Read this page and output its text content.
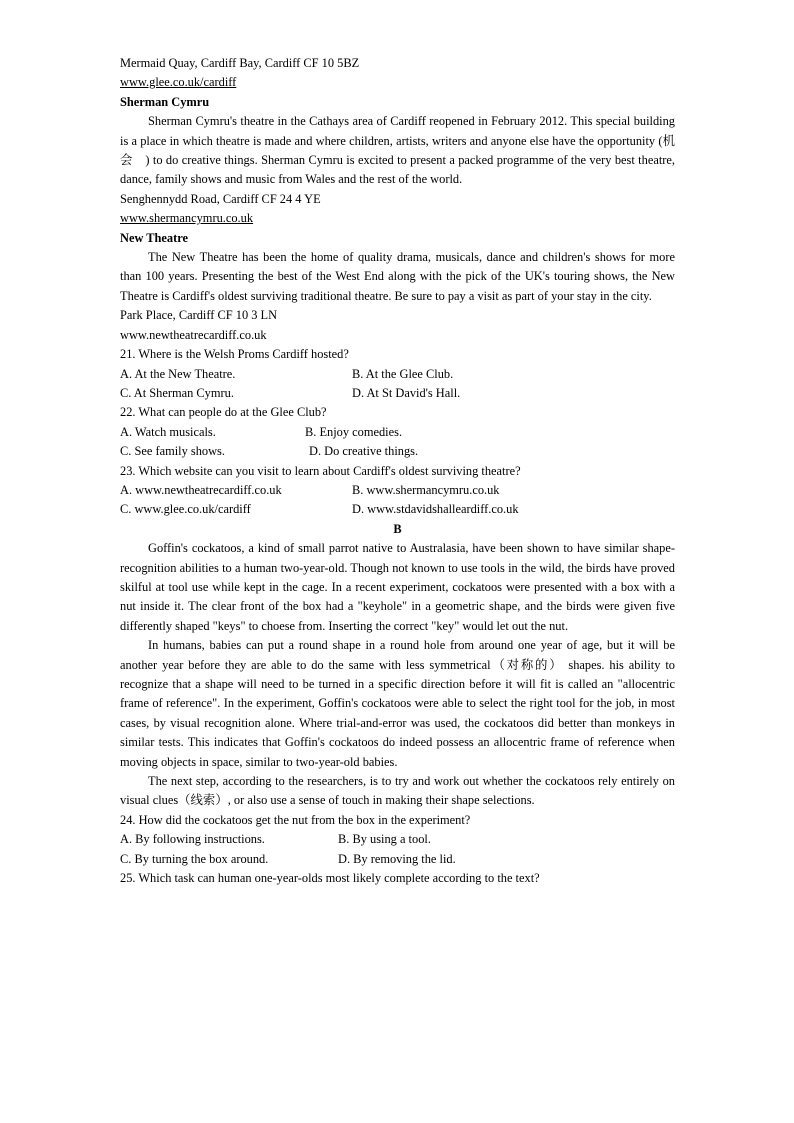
Mermaid Quay, Cardiff Bay, Cardiff CF 10 5BZ
www.glee.co.uk/cardiff
Sherman Cymru

Sherman Cymru's theatre in the Cathays area of Cardiff reopened in February 2012. This special building is a place in which theatre is made and where children, artists, writers and anyone else have the opportunity (机　会　) to do creative things. Sherman Cymru is excited to present a packed programme of the very best theatre, dance, family shows and music from Wales and the rest of the world.

Senghennydd Road, Cardiff CF 24 4 YE
www.shermancymru.co.uk
New Theatre

The New Theatre has been the home of quality drama, musicals, dance and children's shows for more than 100 years. Presenting the best of the West End along with the pick of the UK's touring shows, the New Theatre is Cardiff's oldest surviving traditional theatre. Be sure to pay a visit as part of your stay in the city.

Park Place, Cardiff CF 10 3 LN
www.newtheatrecardiff.co.uk
21. Where is the Welsh Proms Cardiff hosted?
A. At the New Theatre.	B. At the Glee Club.
C. At Sherman Cymru.	D. At St David's Hall.
22. What can people do at the Glee Club?
A. Watch musicals.	B. Enjoy comedies.
C. See family shows.	D. Do creative things.
23. Which website can you visit to learn about Cardiff's oldest surviving theatre?
A. www.newtheatrecardiff.co.uk	B. www.shermancymru.co.uk
C. www.glee.co.uk/cardiff	D. www.stdavidshalleardiff.co.uk
B

Goffin's cockatoos, a kind of small parrot native to Australasia, have been shown to have similar shape-recognition abilities to a human two-year-old. Though not known to use tools in the wild, the birds have proved skilful at tool use while kept in the cage. In a recent experiment, cockatoos were presented with a box with a nut inside it. The clear front of the box had a "keyhole" in a geometric shape, and the birds were given five differently shaped "keys" to choese from. Inserting the correct "key" would let out the nut.

In humans, babies can put a round shape in a round hole from around one year of age, but it will be another year before they are able to do the same with less symmetrical（对称的） shapes. his ability to recognize that a shape will need to be turned in a specific direction before it will fit is called an "allocentric frame of reference". In the experiment, Goffin's cockatoos were able to select the right tool for the job, in most cases, by visual recognition alone. Where trial-and-error was used, the cockatoos did better than monkeys in similar tests. This indicates that Goffin's cockatoos do indeed possess an allocentric frame of reference when moving objects in space, similar to two-year-old babies.

The next step, according to the researchers, is to try and work out whether the cockatoos rely entirely on visual clues（线索）, or also use a sense of touch in making their shape selections.

24. How did the cockatoos get the nut from the box in the experiment?
A. By following instructions.	B. By using a tool.
C. By turning the box around.	D. By removing the lid.
25. Which task can human one-year-olds most likely complete according to the text?
